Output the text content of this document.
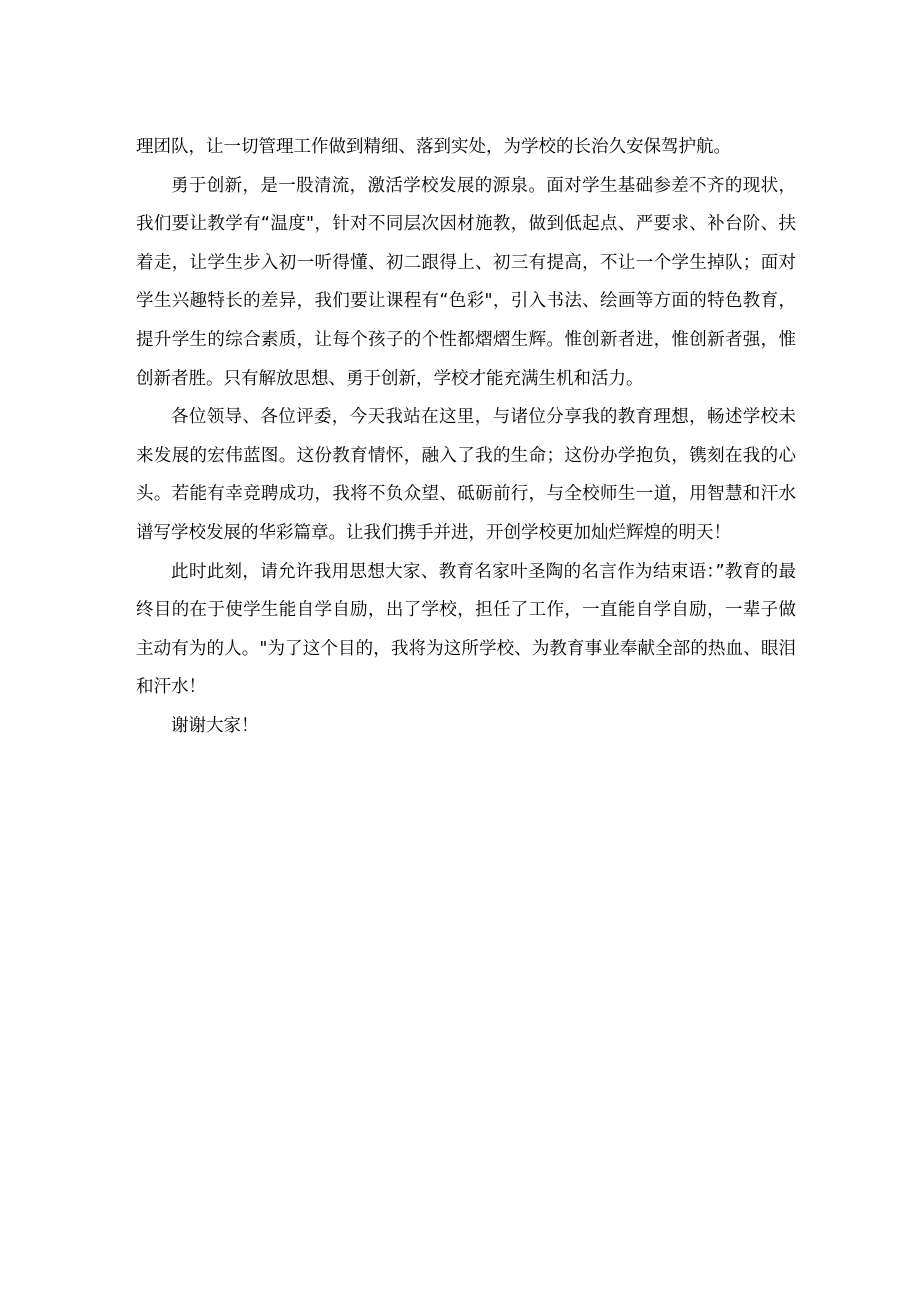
理团队，让一切管理工作做到精细、落到实处，为学校的长治久安保驾护航。

勇于创新，是一股清流，激活学校发展的源泉。面对学生基础参差不齐的现状，我们要让教学有“温度"，针对不同层次因材施教，做到低起点、严要求、补台阶、扶着走，让学生步入初一听得懂、初二跟得上、初三有提高，不让一个学生掉队；面对学生兴趣特长的差异，我们要让课程有“色彩"，引入书法、绘画等方面的特色教育，提升学生的综合素质，让每个孩子的个性都熠熠生辉。惟创新者进，惟创新者强，惟创新者胜。只有解放思想、勇于创新，学校才能充满生机和活力。

各位领导、各位评委，今天我站在这里，与诸位分享我的教育理想，畅述学校未来发展的宏伟蓝图。这份教育情怀，融入了我的生命；这份办学抱负，镌刻在我的心头。若能有幸竞聘成功，我将不负众望、砥砺前行，与全校师生一道，用智慧和汗水谱写学校发展的华彩篇章。让我们携手并进，开创学校更加灿烂辉煌的明天！

此时此刻，请允许我用思想大家、教育名家叶圣陶的名言作为结束语：”教育的最终目的在于使学生能自学自励，出了学校，担任了工作，一直能自学自励，一辈子做主动有为的人。"为了这个目的，我将为这所学校、为教育事业奉献全部的热血、眼泪和汗水！

谢谢大家！
